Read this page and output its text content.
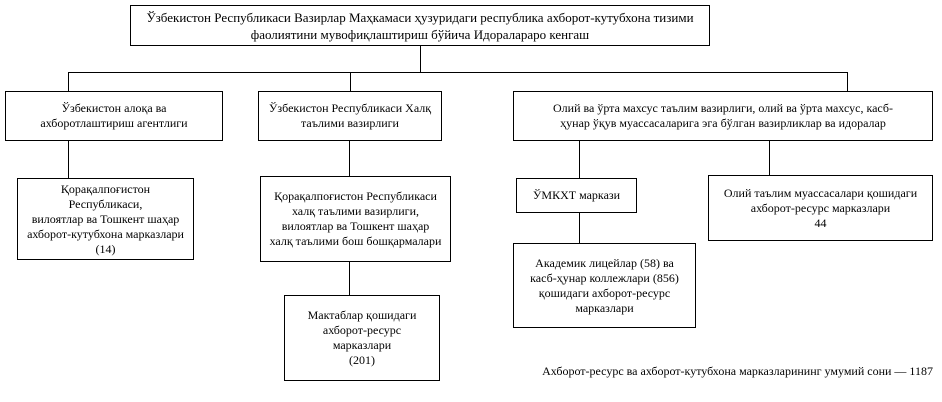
Ўзбекистон Республикаси Вазирлар Маҳкамаси ҳузуридаги республика ахборот-кутубхона тизими
фаолиятини мувофиқлаштириш бўйича Идораларaро кенгаш
Ўзбекистон алоқа ва
ахборотлаштириш агентлиги
Ўзбекистон Республикаси Халқ
таълими вазирлиги
Олий ва ўрта махсус таълим вазирлиги, олий ва ўрта махсус, касб-
ҳунар ўқув муассасаларига эга бўлган вазирликлар ва идоралар
Қорақалпоғистон Республикаси,
вилоятлар ва Тошкент шаҳар
ахборот-кутубхона марказлари
(14)
Қорақалпоғистон Республикаси
халқ таълими вазирлиги,
вилоятлар ва Тошкент шаҳар
халқ таълими бош бошқармалари
ЎМКХТ маркази	Олий таълим муассасалари қошидаги
ахборот-ресурс марказлари
44
Академик лицейлар (58) ва
касб-ҳунар коллежлари (856)
қошидаги ахборот-ресурс
марказлари
Мактаблар қошидаги
ахборот-ресурс
марказлари
(201)
Ахборот-ресурс ва ахборот-кутубхона марказларининг умумий сони — 1187
